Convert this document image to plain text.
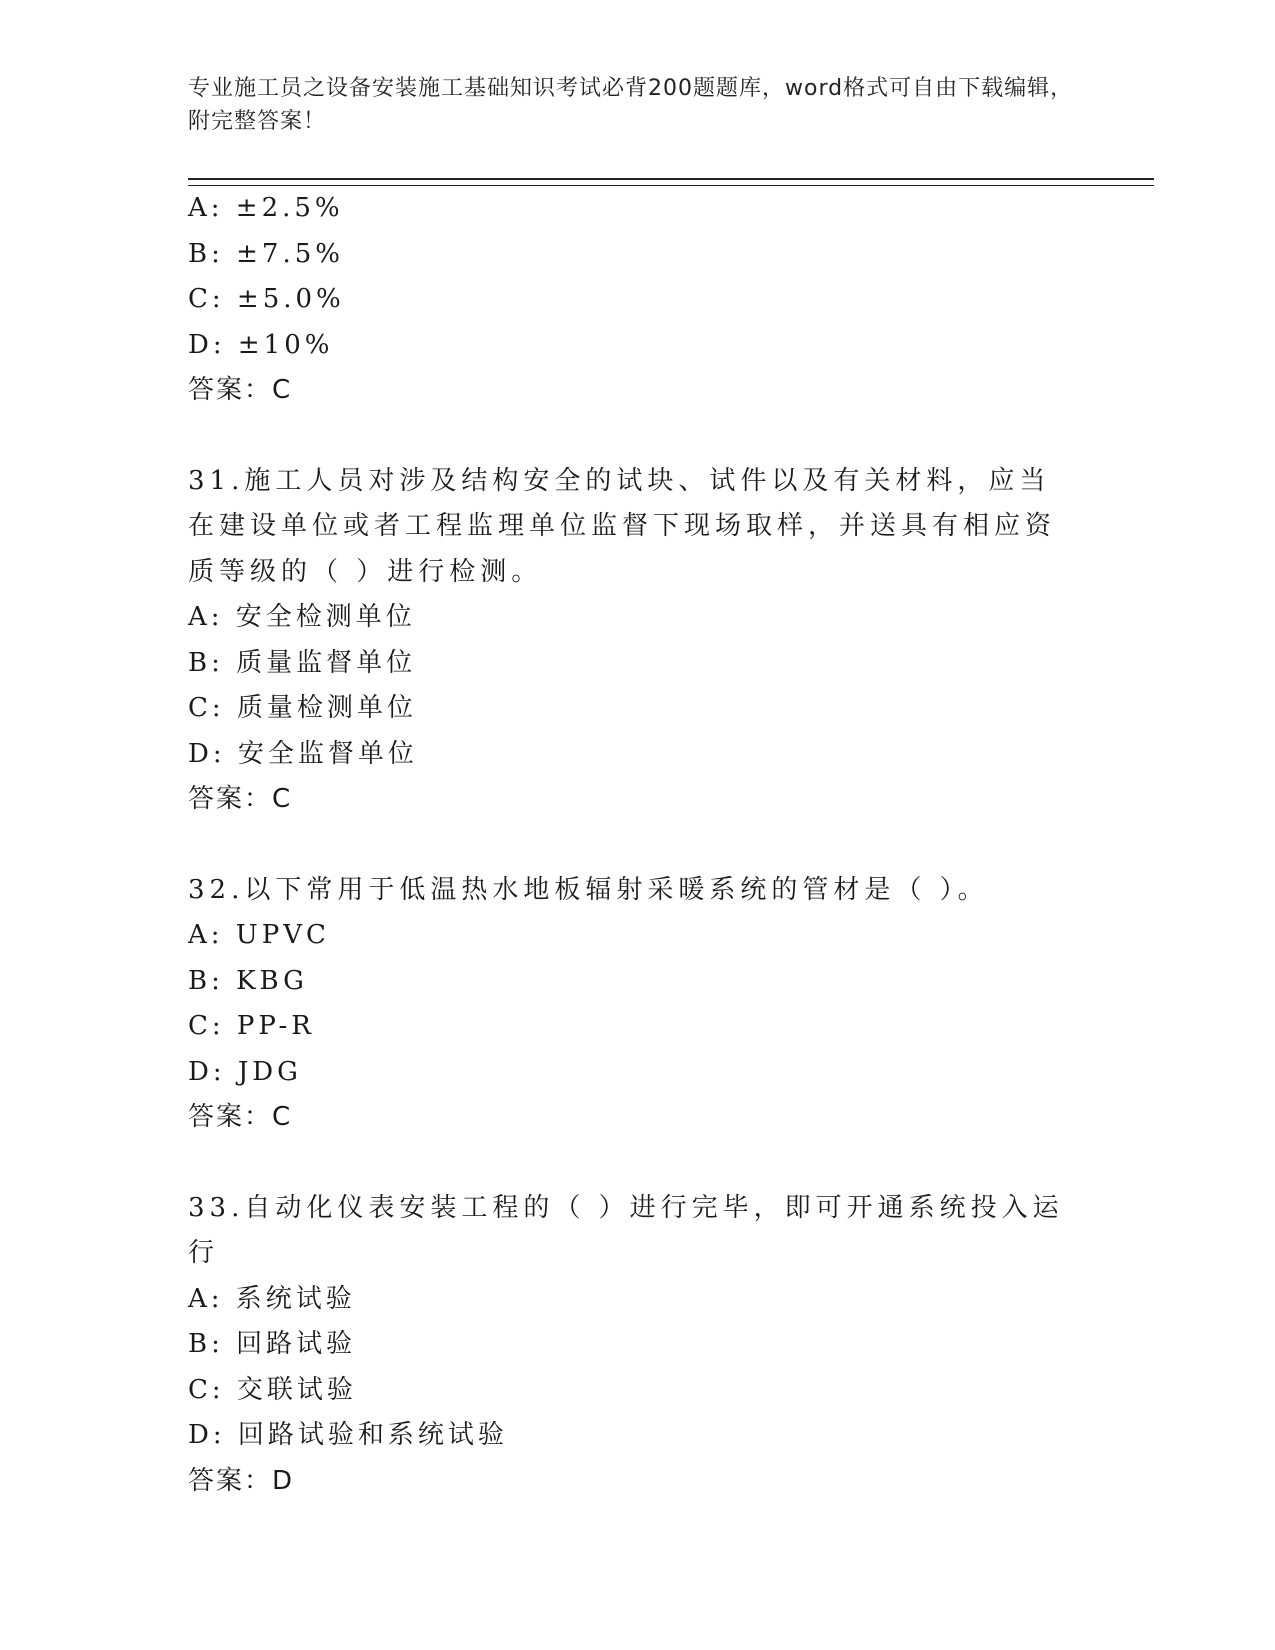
专业施工员之设备安装施工基础知识考试必背200题题库，word格式可自由下载编辑，附完整答案！
A: ±2.5%
B: ±7.5%
C: ±5.0%
D: ±10%
答案：C
31.施工人员对涉及结构安全的试块、试件以及有关材料，应当在建设单位或者工程监理单位监督下现场取样，并送具有相应资质等级的（ ）进行检测。
A: 安全检测单位
B: 质量监督单位
C: 质量检测单位
D: 安全监督单位
答案：C
32.以下常用于低温热水地板辐射采暖系统的管材是（ ）。
A: UPVC
B: KBG
C: PP-R
D: JDG
答案：C
33.自动化仪表安装工程的（ ）进行完毕，即可开通系统投入运行
A: 系统试验
B: 回路试验
C: 交联试验
D: 回路试验和系统试验
答案：D
